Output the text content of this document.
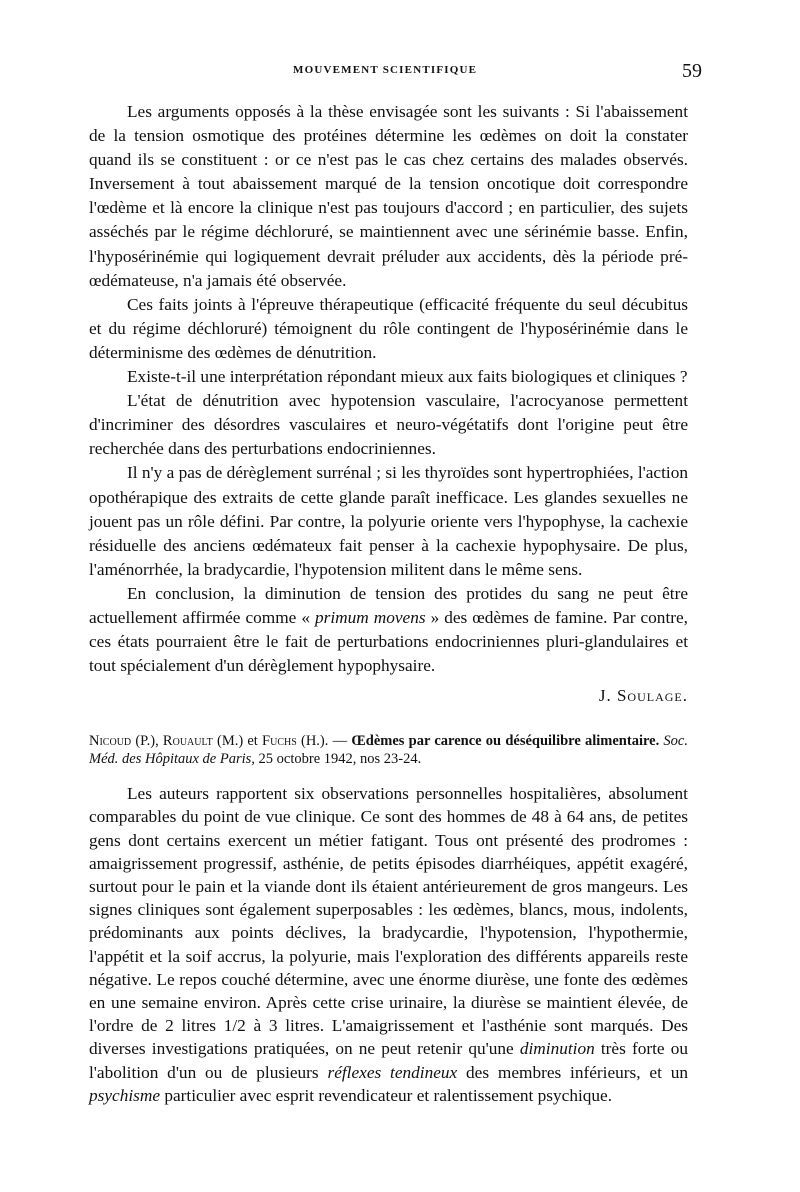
MOUVEMENT SCIENTIFIQUE	59

Les arguments opposés à la thèse envisagée sont les suivants : Si l'abaissement de la tension osmotique des protéines détermine les œdèmes on doit la constater quand ils se constituent : or ce n'est pas le cas chez certains des malades observés. Inversement à tout abaissement marqué de la tension oncotique doit correspondre l'œdème et là encore la clinique n'est pas toujours d'accord ; en particulier, des sujets asséchés par le régime déchloruré, se maintiennent avec une sérinémie basse. Enfin, l'hyposérinémie qui logiquement devrait préluder aux accidents, dès la période pré-œdémateuse, n'a jamais été observée.

Ces faits joints à l'épreuve thérapeutique (efficacité fréquente du seul décubitus et du régime déchloruré) témoignent du rôle contingent de l'hyposérinémie dans le déterminisme des œdèmes de dénutrition.

Existe-t-il une interprétation répondant mieux aux faits biologiques et cliniques ?

L'état de dénutrition avec hypotension vasculaire, l'acrocyanose permettent d'incriminer des désordres vasculaires et neuro-végétatifs dont l'origine peut être recherchée dans des perturbations endocriniennes.

Il n'y a pas de dérèglement surrénal ; si les thyroïdes sont hypertrophiées, l'action opothérapique des extraits de cette glande paraît inefficace. Les glandes sexuelles ne jouent pas un rôle défini. Par contre, la polyurie oriente vers l'hypophyse, la cachexie résiduelle des anciens œdémateux fait penser à la cachexie hypophysaire. De plus, l'aménorrhée, la bradycardie, l'hypotension militent dans le même sens.

En conclusion, la diminution de tension des protides du sang ne peut être actuellement affirmée comme « primum movens » des œdèmes de famine. Par contre, ces états pourraient être le fait de perturbations endocriniennes pluri-glandulaires et tout spécialement d'un dérèglement hypophysaire.

J. Soulage.
Nicoud (P.), Rouault (M.) et Fuchs (H.). — Œdèmes par carence ou déséquilibre alimentaire. Soc. Méd. des Hôpitaux de Paris, 25 octobre 1942, nos 23-24.

Les auteurs rapportent six observations personnelles hospitalières, absolument comparables du point de vue clinique. Ce sont des hommes de 48 à 64 ans, de petites gens dont certains exercent un métier fatigant. Tous ont présenté des prodromes : amaigrissement progressif, asthénie, de petits épisodes diarrhéiques, appétit exagéré, surtout pour le pain et la viande dont ils étaient antérieurement de gros mangeurs. Les signes cliniques sont également superposables : les œdèmes, blancs, mous, indolents, prédominants aux points déclives, la bradycardie, l'hypotension, l'hypothermie, l'appétit et la soif accrus, la polyurie, mais l'exploration des différents appareils reste négative. Le repos couché détermine, avec une énorme diurèse, une fonte des œdèmes en une semaine environ. Après cette crise urinaire, la diurèse se maintient élevée, de l'ordre de 2 litres 1/2 à 3 litres. L'amaigrissement et l'asthénie sont marqués. Des diverses investigations pratiquées, on ne peut retenir qu'une diminution très forte ou l'abolition d'un ou de plusieurs réflexes tendineux des membres inférieurs, et un psychisme particulier avec esprit revendicateur et ralentissement psychique.
